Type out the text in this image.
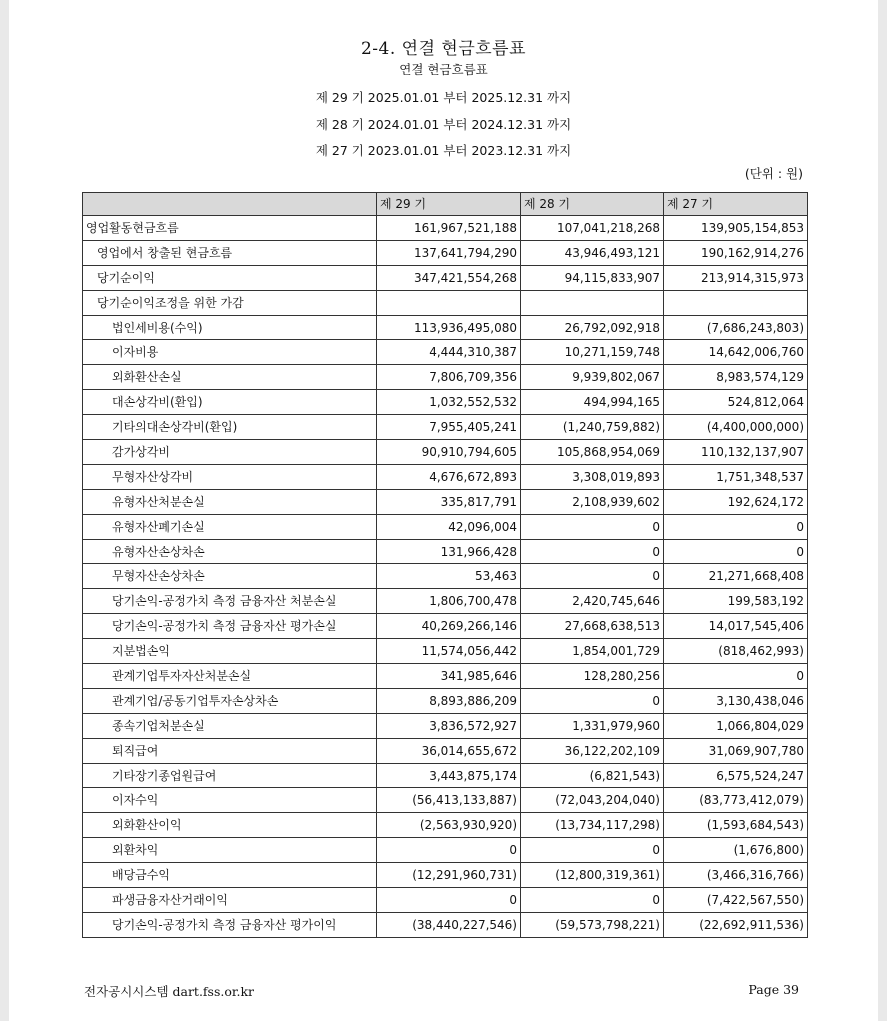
2-4. 연결 현금흐름표
연결 현금흐름표
제 29 기 2025.01.01 부터 2025.12.31 까지
제 28 기 2024.01.01 부터 2024.12.31 까지
제 27 기 2023.01.01 부터 2023.12.31 까지
(단위 : 원)
	제 29 기	제 28 기	제 27 기
영업활동현금흐름	161,967,521,188	107,041,218,268	139,905,154,853
영업에서 창출된 현금흐름	137,641,794,290	43,946,493,121	190,162,914,276
당기순이익	347,421,554,268	94,115,833,907	213,914,315,973
당기순이익조정을 위한 가감			
법인세비용(수익)	113,936,495,080	26,792,092,918	(7,686,243,803)
이자비용	4,444,310,387	10,271,159,748	14,642,006,760
외화환산손실	7,806,709,356	9,939,802,067	8,983,574,129
대손상각비(환입)	1,032,552,532	494,994,165	524,812,064
기타의대손상각비(환입)	7,955,405,241	(1,240,759,882)	(4,400,000,000)
감가상각비	90,910,794,605	105,868,954,069	110,132,137,907
무형자산상각비	4,676,672,893	3,308,019,893	1,751,348,537
유형자산처분손실	335,817,791	2,108,939,602	192,624,172
유형자산폐기손실	42,096,004	0	0
유형자산손상차손	131,966,428	0	0
무형자산손상차손	53,463	0	21,271,668,408
당기손익-공정가치 측정 금융자산 처분손실	1,806,700,478	2,420,745,646	199,583,192
당기손익-공정가치 측정 금융자산 평가손실	40,269,266,146	27,668,638,513	14,017,545,406
지분법손익	11,574,056,442	1,854,001,729	(818,462,993)
관계기업투자자산처분손실	341,985,646	128,280,256	0
관계기업/공동기업투자손상차손	8,893,886,209	0	3,130,438,046
종속기업처분손실	3,836,572,927	1,331,979,960	1,066,804,029
퇴직급여	36,014,655,672	36,122,202,109	31,069,907,780
기타장기종업원급여	3,443,875,174	(6,821,543)	6,575,524,247
이자수익	(56,413,133,887)	(72,043,204,040)	(83,773,412,079)
외화환산이익	(2,563,930,920)	(13,734,117,298)	(1,593,684,543)
외환차익	0	0	(1,676,800)
배당금수익	(12,291,960,731)	(12,800,319,361)	(3,466,316,766)
파생금융자산거래이익	0	0	(7,422,567,550)
당기손익-공정가치 측정 금융자산 평가이익	(38,440,227,546)	(59,573,798,221)	(22,692,911,536)
전자공시시스템 dart.fss.or.kr	Page 39
